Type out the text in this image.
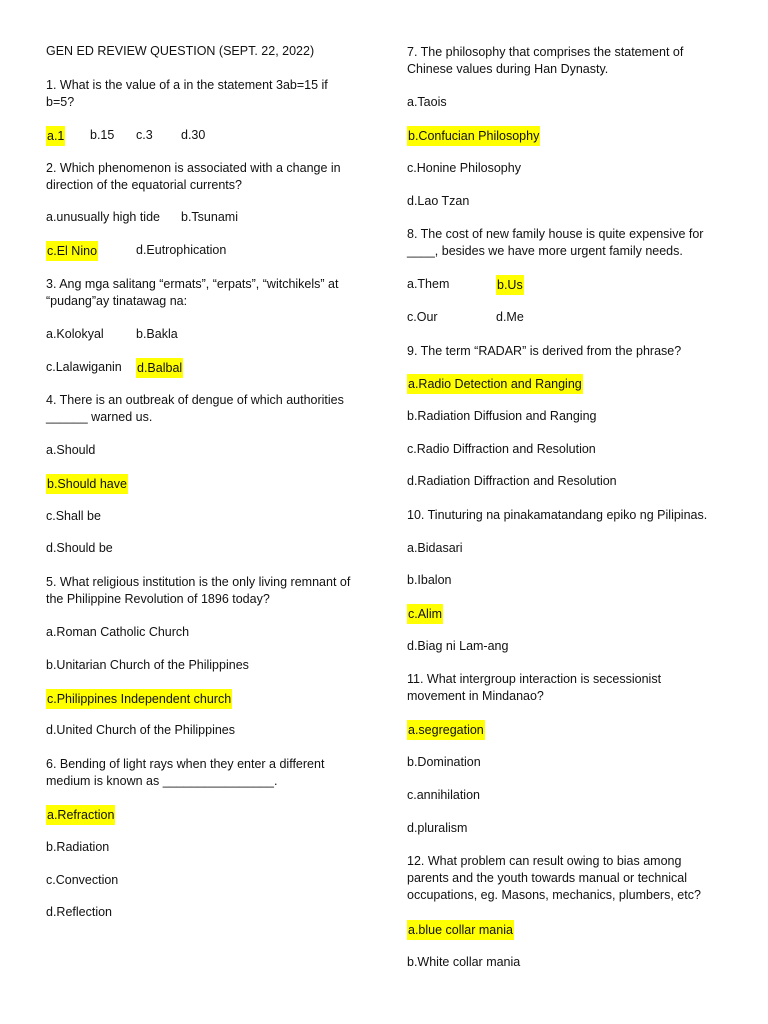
GEN ED REVIEW QUESTION (SEPT. 22, 2022)
1. What is the value of a in the statement 3ab=15 if
b=5?
a.1 b.15 c.3 d.30
2. Which phenomenon is associated with a change in
direction of the equatorial currents?
a.unusually high tide b.Tsunami
c.El Nino	d.Eutrophication
3. Ang mga salitang “ermats”, “erpats”, “witchikels” at
“pudang”ay tinatawag na:
a.Kolokyal	b.Bakla
c.Lalawiganin d.Balbal
4. There is an outbreak of dengue of which authorities
______ warned us.
a.Should
b.Should have
c.Shall be
d.Should be
5. What religious institution is the only living remnant of
the Philippine Revolution of 1896 today?
a.Roman Catholic Church
b.Unitarian Church of the Philippines
c.Philippines Independent church
d.United Church of the Philippines
6. Bending of light rays when they enter a different
medium is known as ________________.
a.Refraction
b.Radiation
c.Convection
d.Reflection
7. The philosophy that comprises the statement of
Chinese values during Han Dynasty.
a.Taois
b.Confucian Philosophy
c.Honine Philosophy
d.Lao Tzan
8. The cost of new family house is quite expensive for
____, besides we have more urgent family needs.
a.Them	b.Us
c.Our	d.Me
9. The term “RADAR” is derived from the phrase?
a.Radio Detection and Ranging
b.Radiation Diffusion and Ranging
c.Radio Diffraction and Resolution
d.Radiation Diffraction and Resolution
10. Tinuturing na pinakamatandang epiko ng Pilipinas.
a.Bidasari
b.Ibalon
c.Alim
d.Biag ni Lam-ang
11. What intergroup interaction is secessionist
movement in Mindanao?
a.segregation
b.Domination
c.annihilation
d.pluralism
12. What problem can result owing to bias among
parents and the youth towards manual or technical
occupations, eg. Masons, mechanics, plumbers, etc?
a.blue collar mania
b.White collar mania
